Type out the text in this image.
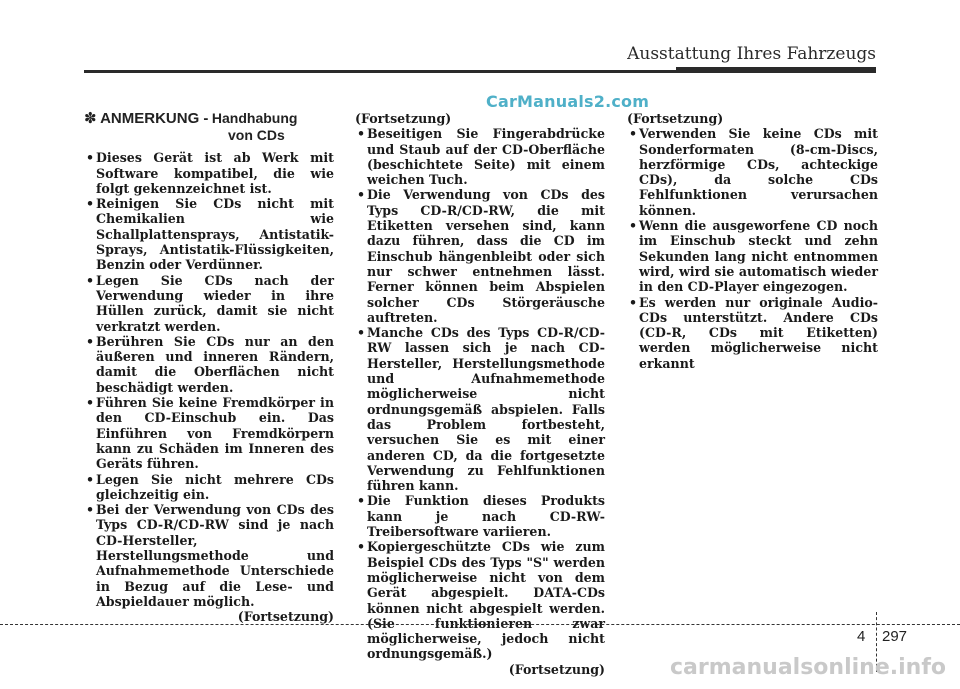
Ausstattung Ihres Fahrzeugs
CarManuals2.com
✽ ANMERKUNG - Handhabung
von CDs
• Dieses Gerät ist ab Werk mit Software kompatibel, die wie folgt gekennzeichnet ist.
• Reinigen Sie CDs nicht mit Chemikalien wie Schallplattensprays, Antistatik-Sprays, Antistatik-Flüssigkeiten, Benzin oder Verdünner.
• Legen Sie CDs nach der Verwendung wieder in ihre Hüllen zurück, damit sie nicht verkratzt werden.
• Berühren Sie CDs nur an den äußeren und inneren Rändern, damit die Oberflächen nicht beschädigt werden.
• Führen Sie keine Fremdkörper in den CD-Einschub ein. Das Einführen von Fremdkörpern kann zu Schäden im Inneren des Geräts führen.
• Legen Sie nicht mehrere CDs gleichzeitig ein.
• Bei der Verwendung von CDs des Typs CD-R/CD-RW sind je nach CD-Hersteller, Herstellungsmethode und Aufnahmemethode Unterschiede in Bezug auf die Lese- und Abspieldauer möglich.
(Fortsetzung)
(Fortsetzung)
• Beseitigen Sie Fingerabdrücke und Staub auf der CD-Oberfläche (beschichtete Seite) mit einem weichen Tuch.
• Die Verwendung von CDs des Typs CD-R/CD-RW, die mit Etiketten versehen sind, kann dazu führen, dass die CD im Einschub hängenbleibt oder sich nur schwer entnehmen lässt. Ferner können beim Abspielen solcher CDs Störgeräusche auftreten.
• Manche CDs des Typs CD-R/CD-RW lassen sich je nach CD-Hersteller, Herstellungsmethode und Aufnahmemethode möglicherweise nicht ordnungsgemäß abspielen. Falls das Problem fortbesteht, versuchen Sie es mit einer anderen CD, da die fortgesetzte Verwendung zu Fehlfunktionen führen kann.
• Die Funktion dieses Produkts kann je nach CD-RW-Treibersoftware variieren.
• Kopiergeschützte CDs wie zum Beispiel CDs des Typs "S" werden möglicherweise nicht von dem Gerät abgespielt. DATA-CDs können nicht abgespielt werden. (Sie funktionieren zwar möglicherweise, jedoch nicht ordnungsgemäß.)
(Fortsetzung)
(Fortsetzung)
• Verwenden Sie keine CDs mit Sonderformaten (8-cm-Discs, herzförmige CDs, achteckige CDs), da solche CDs Fehlfunktionen verursachen können.
• Wenn die ausgeworfene CD noch im Einschub steckt und zehn Sekunden lang nicht entnommen wird, wird sie automatisch wieder in den CD-Player eingezogen.
• Es werden nur originale Audio-CDs unterstützt. Andere CDs (CD-R, CDs mit Etiketten) werden möglicherweise nicht erkannt
4 297
carmanualsonline.info
